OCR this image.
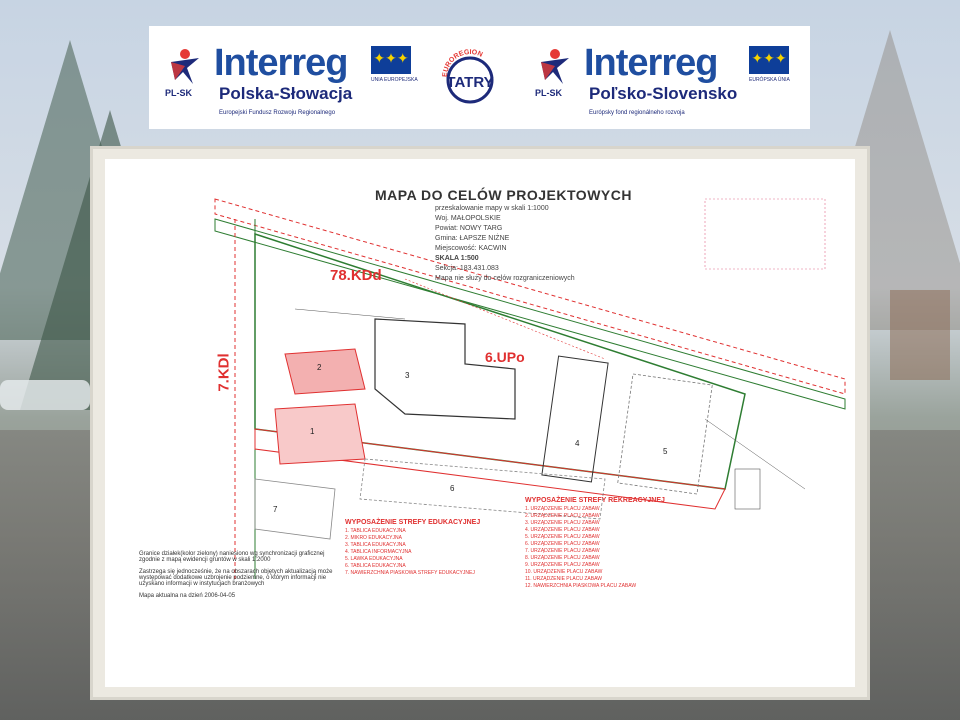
PL-SK
Interreg
Polska-Słowacja
Europejski Fundusz Rozwoju Regionalnego
✦✦✦
UNIA EUROPEJSKA
EUROREGION
TATRY
PL-SK
Interreg
Poľsko-Slovensko
Európsky fond regionálneho rozvoja
✦✦✦
EURÓPSKA ÚNIA
MAPA DO CELÓW PROJEKTOWYCH
przeskalowanie mapy w skali 1:1000
Woj. MAŁOPOLSKIE
Powiat: NOWY TARG
Gmina: ŁAPSZE NIŻNE
Miejscowość: KACWIN
SKALA 1:500
Sekcja: 183.431.083
Mapa nie służy do celów rozgraniczeniowych
78.KDd
7.KDl	6.UPo
1
2
3
4
5
6
7
WYPOSAŻENIE STREFY REKREACYJNEJ
1. URZĄDZENIE PLACU ZABAW
2. URZĄDZENIE PLACU ZABAW
3. URZĄDZENIE PLACU ZABAW
4. URZĄDZENIE PLACU ZABAW
5. URZĄDZENIE PLACU ZABAW
6. URZĄDZENIE PLACU ZABAW
7. URZĄDZENIE PLACU ZABAW
8. URZĄDZENIE PLACU ZABAW
9. URZĄDZENIE PLACU ZABAW
10. URZĄDZENIE PLACU ZABAW
11. URZĄDZENIE PLACU ZABAW
12. NAWIERZCHNIA PIASKOWA PLACU ZABAW
WYPOSAŻENIE STREFY EDUKACYJNEJ
1. TABLICA EDUKACYJNA
2. MIKRO EDUKACYJNA
3. TABLICA EDUKACYJNA
4. TABLICA INFORMACYJNA
5. LAWKA EDUKACYJNA
6. TABLICA EDUKACYJNA
7. NAWIERZCHNIA PIASKOWA STREFY EDUKACYJNEJ
Granice działek(kolor zielony) naniesiono wg synchronizacji graficznej
zgodnie z mapą ewidencji gruntów w skali 1:2000
Zastrzega się jednocześnie, że na obszarach objętych aktualizacją może
występować dodatkowe uzbrojenie podziemne, o którym informacji nie
uzyskano informacji w instytucjach branżowych
Mapa aktualna na dzień 2006-04-05
